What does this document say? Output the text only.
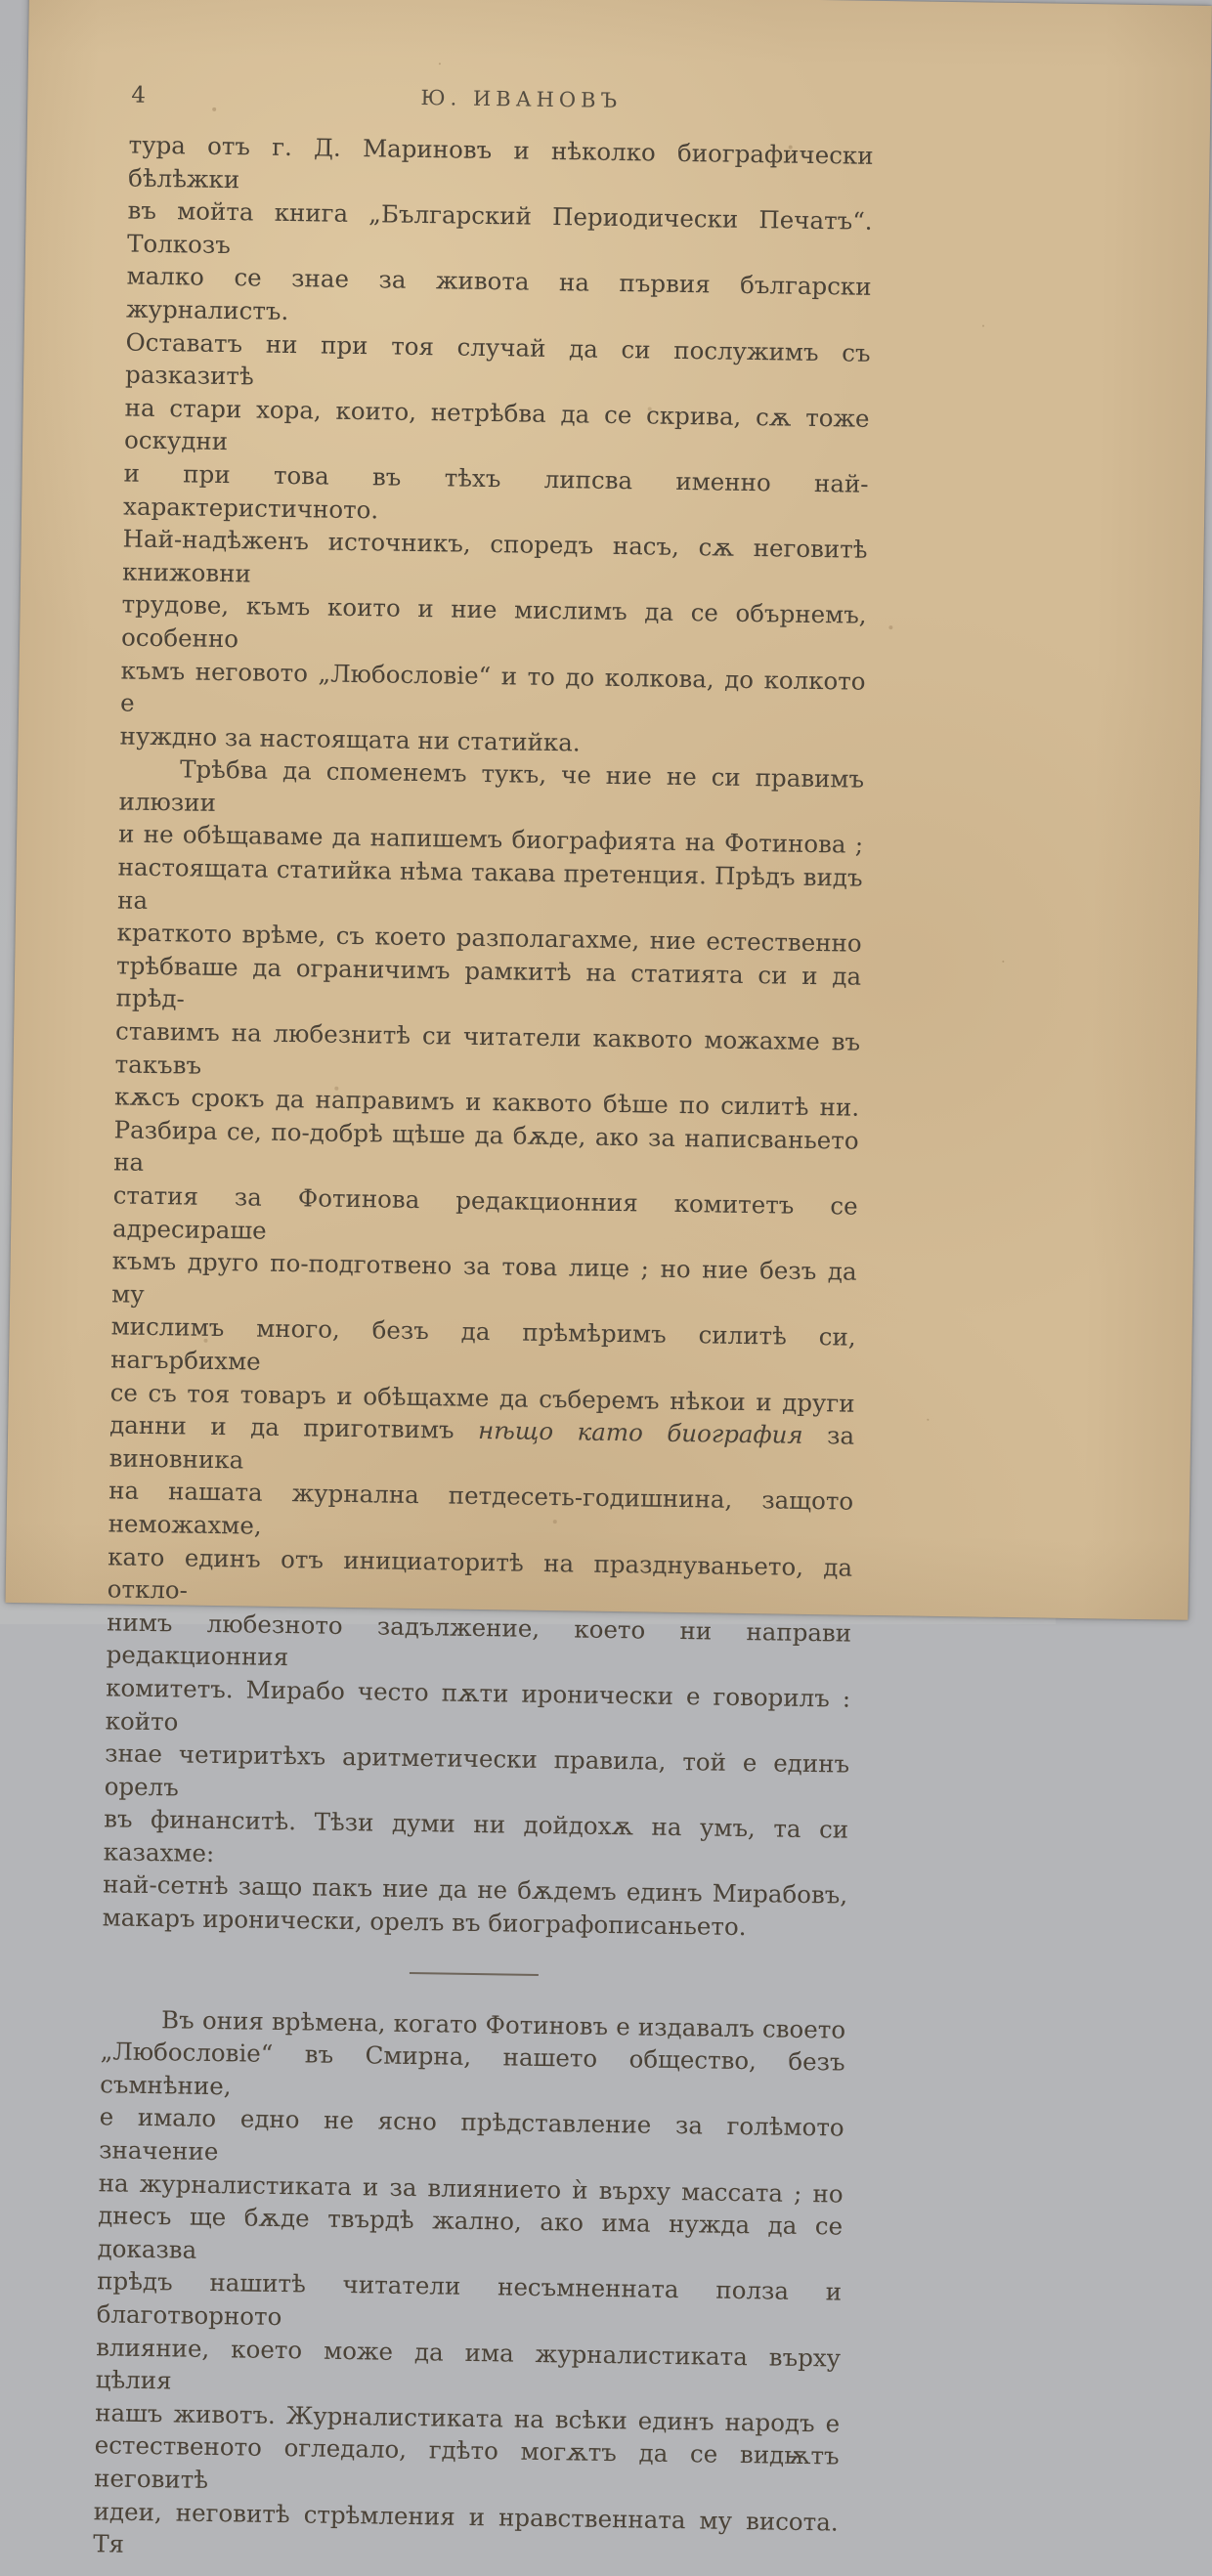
4	Ю. ИВАНОВЪ
тура отъ г. Д. Мариновъ и нѣколко биографически бѣлѣжки
въ мойта книга „Българский Периодически Печатъ“. Толкозъ
малко се знае за живота на първия български журналистъ.
Оставатъ ни при тоя случай да си послужимъ съ разказитѣ
на стари хора, които, нетрѣбва да се скрива, сѫ тоже оскудни
и при това въ тѣхъ липсва именно най-характеристичното.
Най-надѣженъ источникъ, споредъ насъ, сѫ неговитѣ книжовни
трудове, къмъ които и ние мислимъ да се обърнемъ, особенно
къмъ неговото „Любословіе“ и то до колкова, до колкото е
нуждно за настоящата ни статийка.
Трѣбва да споменемъ тукъ, че ние не си правимъ илюзии
и не обѣщаваме да напишемъ биографията на Фотинова ;
настоящата статийка нѣма такава претенция. Прѣдъ видъ на
краткото врѣме, съ което разполагахме, ние естественно
трѣбваше да ограничимъ рамкитѣ на статията си и да прѣд-
ставимъ на любезнитѣ си читатели каквото можахме въ такъвъ
кѫсъ срокъ да направимъ и каквото бѣше по силитѣ ни.
Разбира се, по-добрѣ щѣше да бѫде, ако за написваньето на
статия за Фотинова редакционния комитетъ се адресираше
къмъ друго по-подготвено за това лице ; но ние безъ да му
мислимъ много, безъ да прѣмѣримъ силитѣ си, нагърбихме
се съ тоя товаръ и обѣщахме да съберемъ нѣкои и други
данни и да приготвимъ нѣщо като биография за виновника
на нашата журнална петдесеть-годишнина, защото неможахме,
като единъ отъ инициаторитѣ на празднуваньето, да откло-
нимъ любезното задължение, което ни направи редакционния
комитетъ. Мирабо често пѫти иронически е говорилъ : който
знае четиритѣхъ аритметически правила, той е единъ орелъ
въ финанситѣ. Тѣзи думи ни дойдохѫ на умъ, та си казахме:
най-сетнѣ защо пакъ ние да не бѫдемъ единъ Мирабовъ,
макаръ иронически, орелъ въ биографописаньето.
Въ ония врѣмена, когато Фотиновъ е издавалъ своето
„Любословіе“ въ Смирна, нашето общество, безъ съмнѣние,
е имало едно не ясно прѣдставление за голѣмото значение
на журналистиката и за влиянието ѝ върху массата ; но
днесъ ще бѫде твърдѣ жално, ако има нужда да се доказва
прѣдъ нашитѣ читатели несъмненната полза и благотворното
влияние, което може да има журналистиката върху цѣлия
нашъ животъ. Журналистиката на всѣки единъ народъ е
естественото огледало, гдѣто могѫтъ да се видѭтъ неговитѣ
идеи, неговитѣ стрѣмления и нравственната му висота. Тя
